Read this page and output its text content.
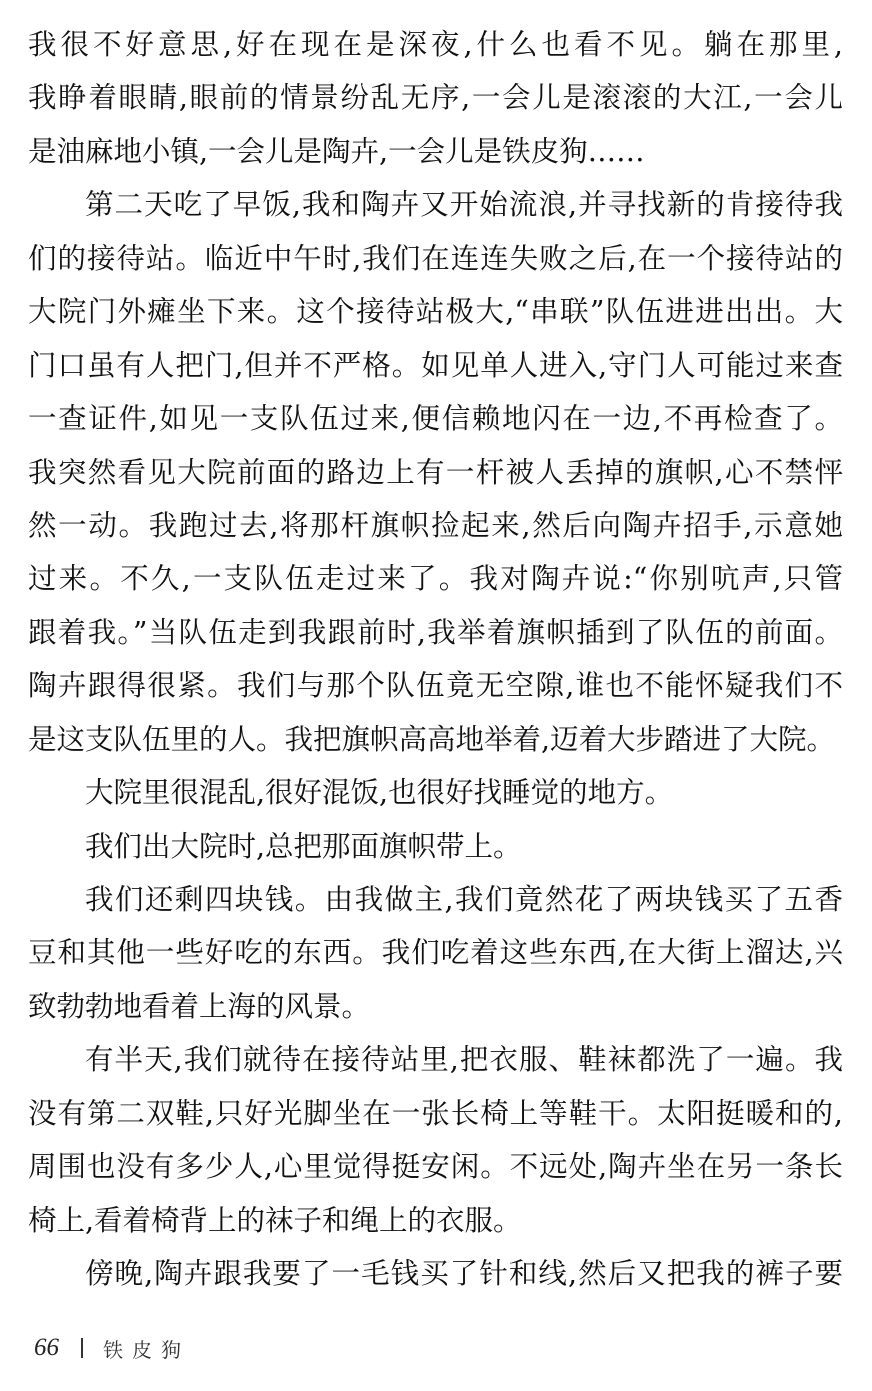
我很不好意思,好在现在是深夜,什么也看不见。躺在那里,
我睁着眼睛,眼前的情景纷乱无序,一会儿是滚滚的大江,一会儿
是油麻地小镇,一会儿是陶卉,一会儿是铁皮狗……
第二天吃了早饭,我和陶卉又开始流浪,并寻找新的肯接待我
们的接待站。临近中午时,我们在连连失败之后,在一个接待站的
大院门外瘫坐下来。这个接待站极大,“串联”队伍进进出出。大
门口虽有人把门,但并不严格。如见单人进入,守门人可能过来查
一查证件,如见一支队伍过来,便信赖地闪在一边,不再检查了。
我突然看见大院前面的路边上有一杆被人丢掉的旗帜,心不禁怦
然一动。我跑过去,将那杆旗帜捡起来,然后向陶卉招手,示意她
过来。不久,一支队伍走过来了。我对陶卉说:“你别吭声,只管
跟着我。”当队伍走到我跟前时,我举着旗帜插到了队伍的前面。
陶卉跟得很紧。我们与那个队伍竟无空隙,谁也不能怀疑我们不
是这支队伍里的人。我把旗帜高高地举着,迈着大步踏进了大院。
大院里很混乱,很好混饭,也很好找睡觉的地方。
我们出大院时,总把那面旗帜带上。
我们还剩四块钱。由我做主,我们竟然花了两块钱买了五香
豆和其他一些好吃的东西。我们吃着这些东西,在大街上溜达,兴
致勃勃地看着上海的风景。
有半天,我们就待在接待站里,把衣服、鞋袜都洗了一遍。我
没有第二双鞋,只好光脚坐在一张长椅上等鞋干。太阳挺暖和的,
周围也没有多少人,心里觉得挺安闲。不远处,陶卉坐在另一条长
椅上,看着椅背上的袜子和绳上的衣服。
傍晚,陶卉跟我要了一毛钱买了针和线,然后又把我的裤子要
66 铁皮狗
